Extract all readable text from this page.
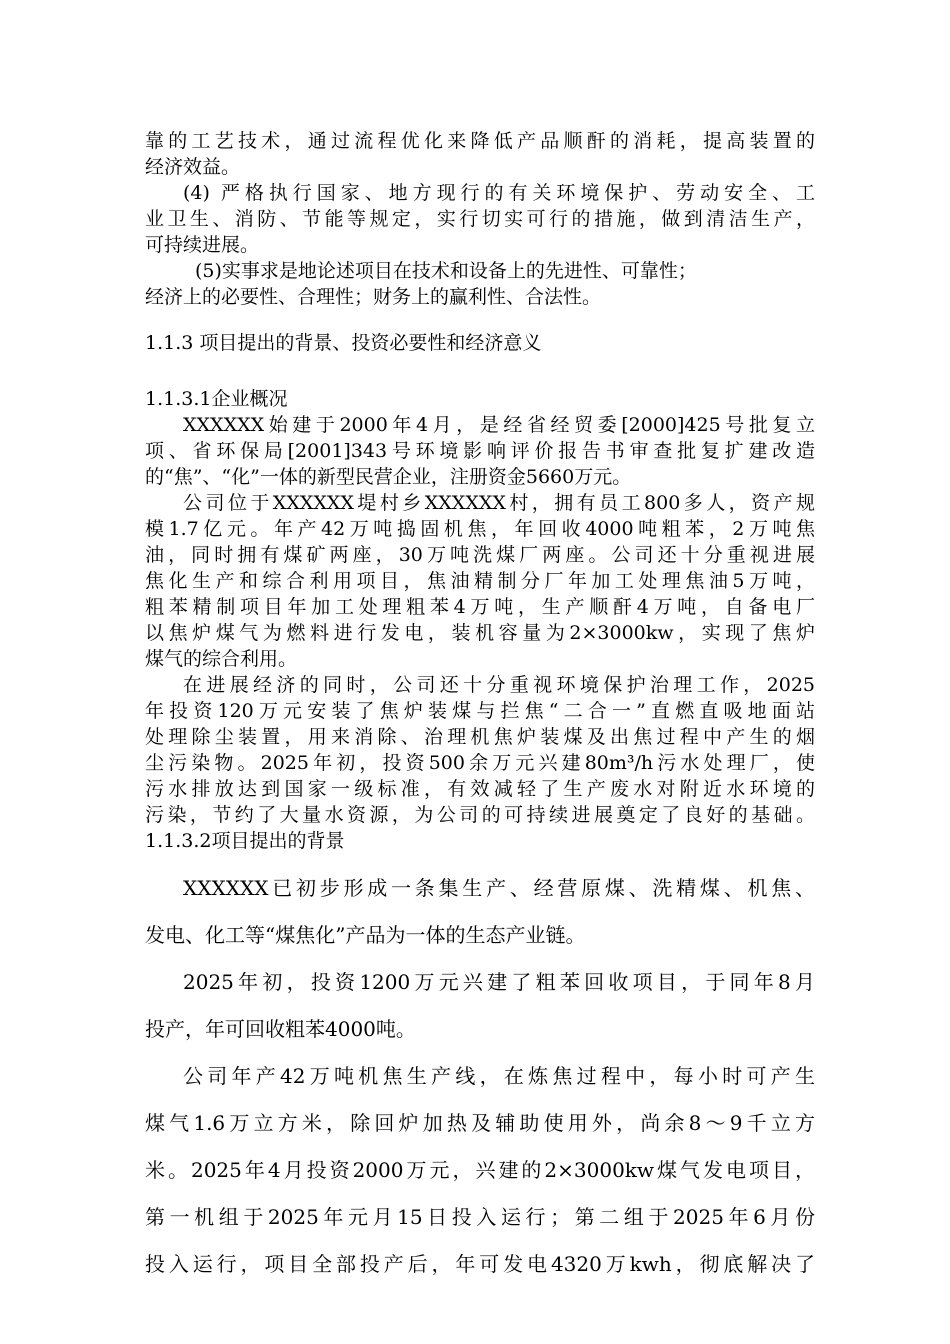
靠的工艺技术，通过流程优化来降低产品顺酐的消耗，提高装置的
经济效益。
(4) 严格执行国家、地方现行的有关环境保护、劳动安全、工
业卫生、消防、节能等规定，实行切实可行的措施，做到清洁生产，
可持续进展。
(5)实事求是地论述项目在技术和设备上的先进性、可靠性；
经济上的必要性、合理性；财务上的赢利性、合法性。
1.1.3 项目提出的背景、投资必要性和经济意义
1.1.3.1企业概况
XXXXXX始建于2000年4月，是经省经贸委[2000]425号批复立
项、省环保局[2001]343号环境影响评价报告书审查批复扩建改造
的“焦”、“化”一体的新型民营企业，注册资金5660万元。
公司位于XXXXXX堤村乡XXXXXX村，拥有员工800多人，资产规
模1.7亿元。年产42万吨捣固机焦，年回收4000吨粗苯，2万吨焦
油，同时拥有煤矿两座，30万吨洗煤厂两座。公司还十分重视进展
焦化生产和综合利用项目，焦油精制分厂年加工处理焦油5万吨，
粗苯精制项目年加工处理粗苯4万吨，生产顺酐4万吨，自备电厂
以焦炉煤气为燃料进行发电，装机容量为2×3000kw，实现了焦炉
煤气的综合利用。
在进展经济的同时，公司还十分重视环境保护治理工作，2025
年投资120万元安装了焦炉装煤与拦焦“二合一”直燃直吸地面站
处理除尘装置，用来消除、治理机焦炉装煤及出焦过程中产生的烟
尘污染物。2025年初，投资500余万元兴建80m³/h污水处理厂，使
污水排放达到国家一级标准，有效减轻了生产废水对附近水环境的
污染，节约了大量水资源，为公司的可持续进展奠定了良好的基础。
1.1.3.2项目提出的背景
XXXXXX已初步形成一条集生产、经营原煤、洗精煤、机焦、
发电、化工等“煤焦化”产品为一体的生态产业链。
2025年初，投资1200万元兴建了粗苯回收项目，于同年8月
投产，年可回收粗苯4000吨。
公司年产42万吨机焦生产线，在炼焦过程中，每小时可产生
煤气1.6万立方米，除回炉加热及辅助使用外，尚余8～9千立方
米。2025年4月投资2000万元，兴建的2×3000kw煤气发电项目，
第一机组于2025年元月15日投入运行；第二组于2025年6月份
投入运行，项目全部投产后，年可发电4320万kwh，彻底解决了
